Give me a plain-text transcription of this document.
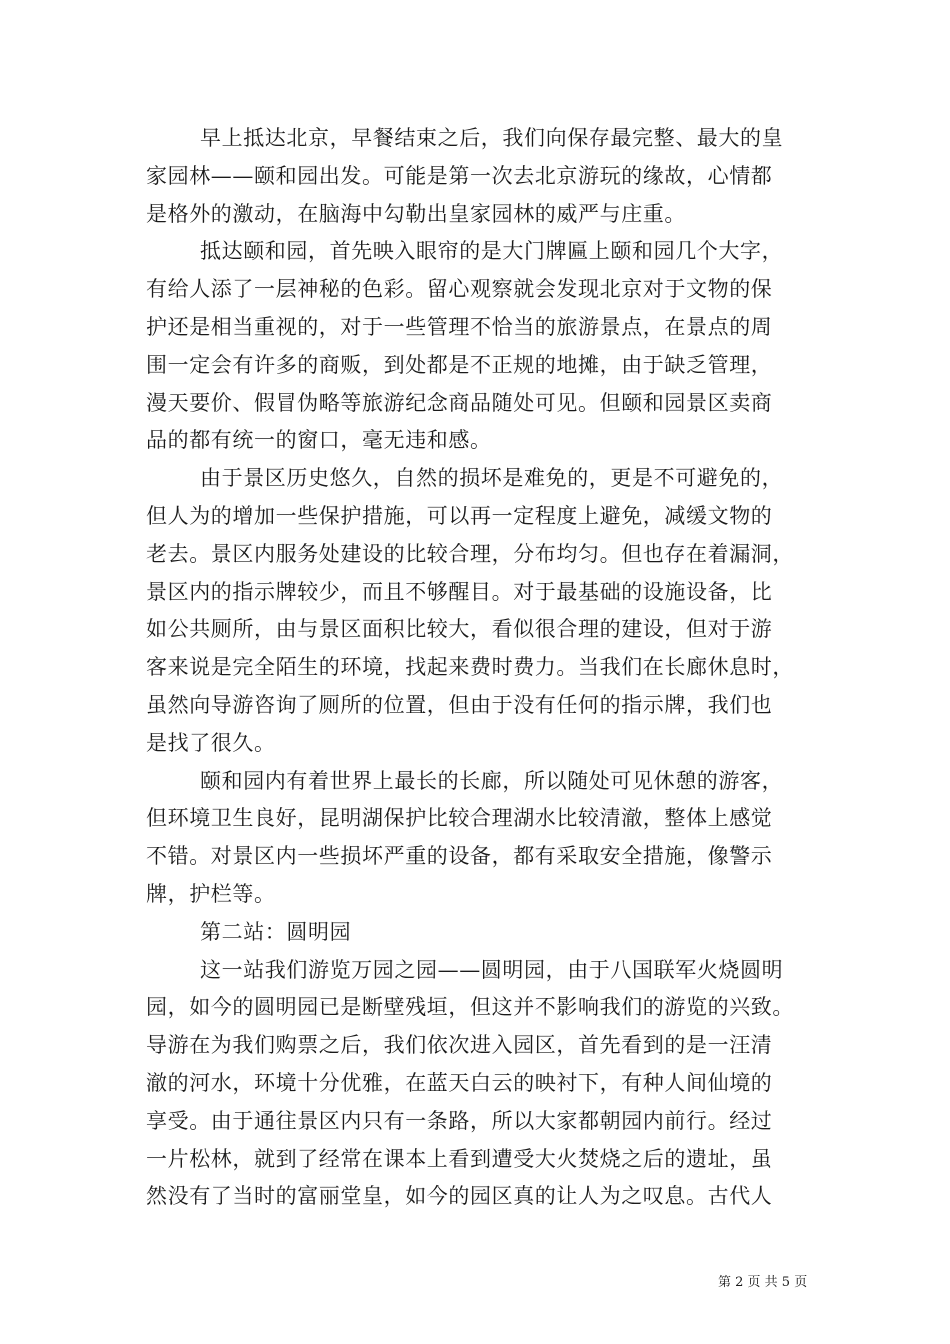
早上抵达北京，早餐结束之后，我们向保存最完整、最大的皇
家园林——颐和园出发。可能是第一次去北京游玩的缘故，心情都
是格外的激动，在脑海中勾勒出皇家园林的威严与庄重。
抵达颐和园，首先映入眼帘的是大门牌匾上颐和园几个大字，
有给人添了一层神秘的色彩。留心观察就会发现北京对于文物的保
护还是相当重视的，对于一些管理不恰当的旅游景点，在景点的周
围一定会有许多的商贩，到处都是不正规的地摊，由于缺乏管理，
漫天要价、假冒伪略等旅游纪念商品随处可见。但颐和园景区卖商
品的都有统一的窗口，毫无违和感。
由于景区历史悠久，自然的损坏是难免的，更是不可避免的，
但人为的增加一些保护措施，可以再一定程度上避免，减缓文物的
老去。景区内服务处建设的比较合理，分布均匀。但也存在着漏洞，
景区内的指示牌较少，而且不够醒目。对于最基础的设施设备，比
如公共厕所，由与景区面积比较大，看似很合理的建设，但对于游
客来说是完全陌生的环境，找起来费时费力。当我们在长廊休息时，
虽然向导游咨询了厕所的位置，但由于没有任何的指示牌，我们也
是找了很久。
颐和园内有着世界上最长的长廊，所以随处可见休憩的游客，
但环境卫生良好，昆明湖保护比较合理湖水比较清澈，整体上感觉
不错。对景区内一些损坏严重的设备，都有采取安全措施，像警示
牌，护栏等。
第二站：圆明园
这一站我们游览万园之园——圆明园，由于八国联军火烧圆明
园，如今的圆明园已是断壁残垣，但这并不影响我们的游览的兴致。
导游在为我们购票之后，我们依次进入园区，首先看到的是一汪清
澈的河水，环境十分优雅，在蓝天白云的映衬下，有种人间仙境的
享受。由于通往景区内只有一条路，所以大家都朝园内前行。经过
一片松林，就到了经常在课本上看到遭受大火焚烧之后的遗址，虽
然没有了当时的富丽堂皇，如今的园区真的让人为之叹息。古代人
第 2 页 共 5 页
